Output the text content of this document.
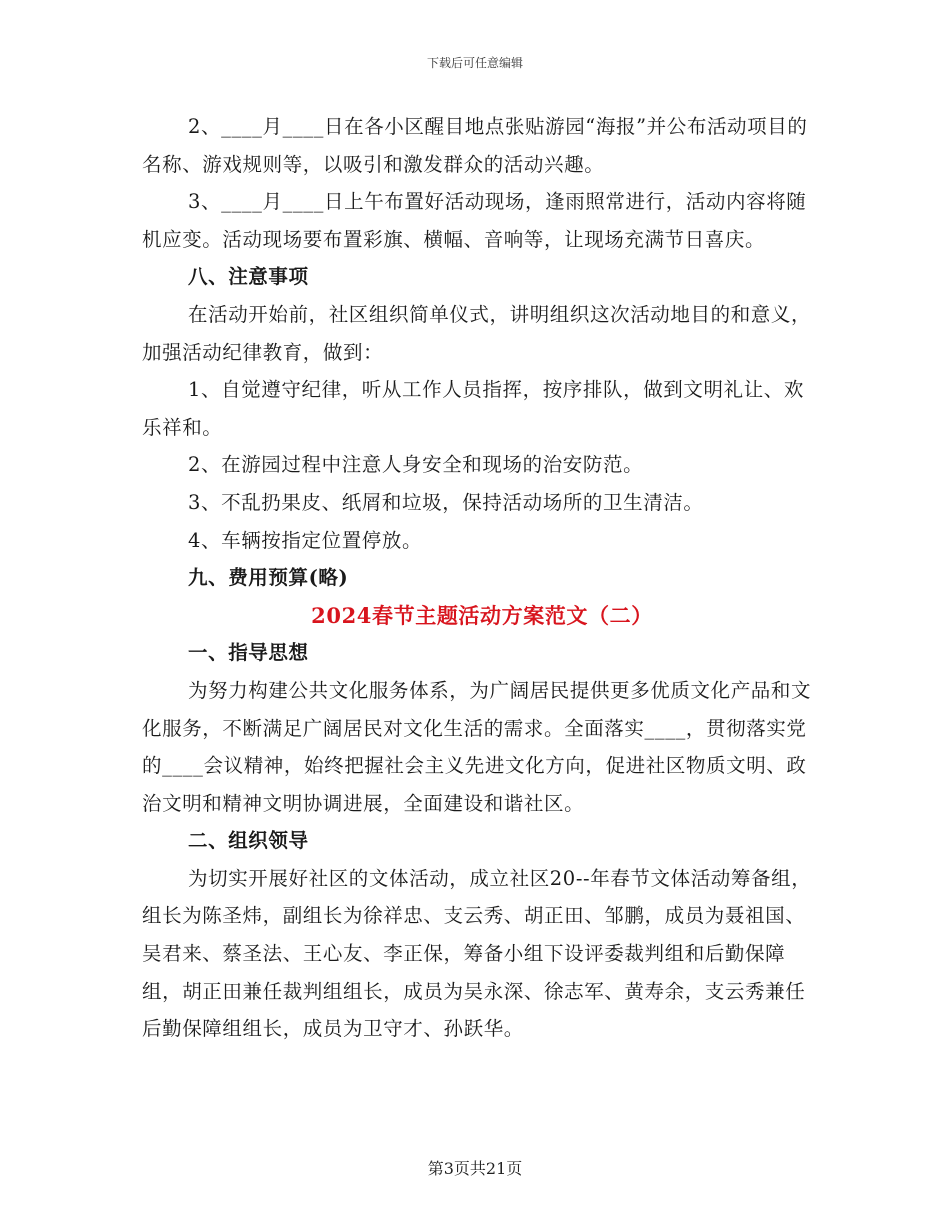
下载后可任意编辑

2、____月____日在各小区醒目地点张贴游园“海报”并公布活动项目的名称、游戏规则等，以吸引和激发群众的活动兴趣。

3、____月____日上午布置好活动现场，逢雨照常进行，活动内容将随机应变。活动现场要布置彩旗、横幅、音响等，让现场充满节日喜庆。

八、注意事项

在活动开始前，社区组织简单仪式，讲明组织这次活动地目的和意义，加强活动纪律教育，做到：

1、自觉遵守纪律，听从工作人员指挥，按序排队，做到文明礼让、欢乐祥和。

2、在游园过程中注意人身安全和现场的治安防范。

3、不乱扔果皮、纸屑和垃圾，保持活动场所的卫生清洁。

4、车辆按指定位置停放。

九、费用预算(略)

2024春节主题活动方案范文（二）

一、指导思想

为努力构建公共文化服务体系，为广阔居民提供更多优质文化产品和文化服务，不断满足广阔居民对文化生活的需求。全面落实____，贯彻落实党的____会议精神，始终把握社会主义先进文化方向，促进社区物质文明、政治文明和精神文明协调进展，全面建设和谐社区。

二、组织领导

为切实开展好社区的文体活动，成立社区20--年春节文体活动筹备组，组长为陈圣炜，副组长为徐祥忠、支云秀、胡正田、邹鹏，成员为聂祖国、吴君来、蔡圣法、王心友、李正保，筹备小组下设评委裁判组和后勤保障组，胡正田兼任裁判组组长，成员为吴永深、徐志军、黄寿余，支云秀兼任后勤保障组组长，成员为卫守才、孙跃华。

第3页共21页
